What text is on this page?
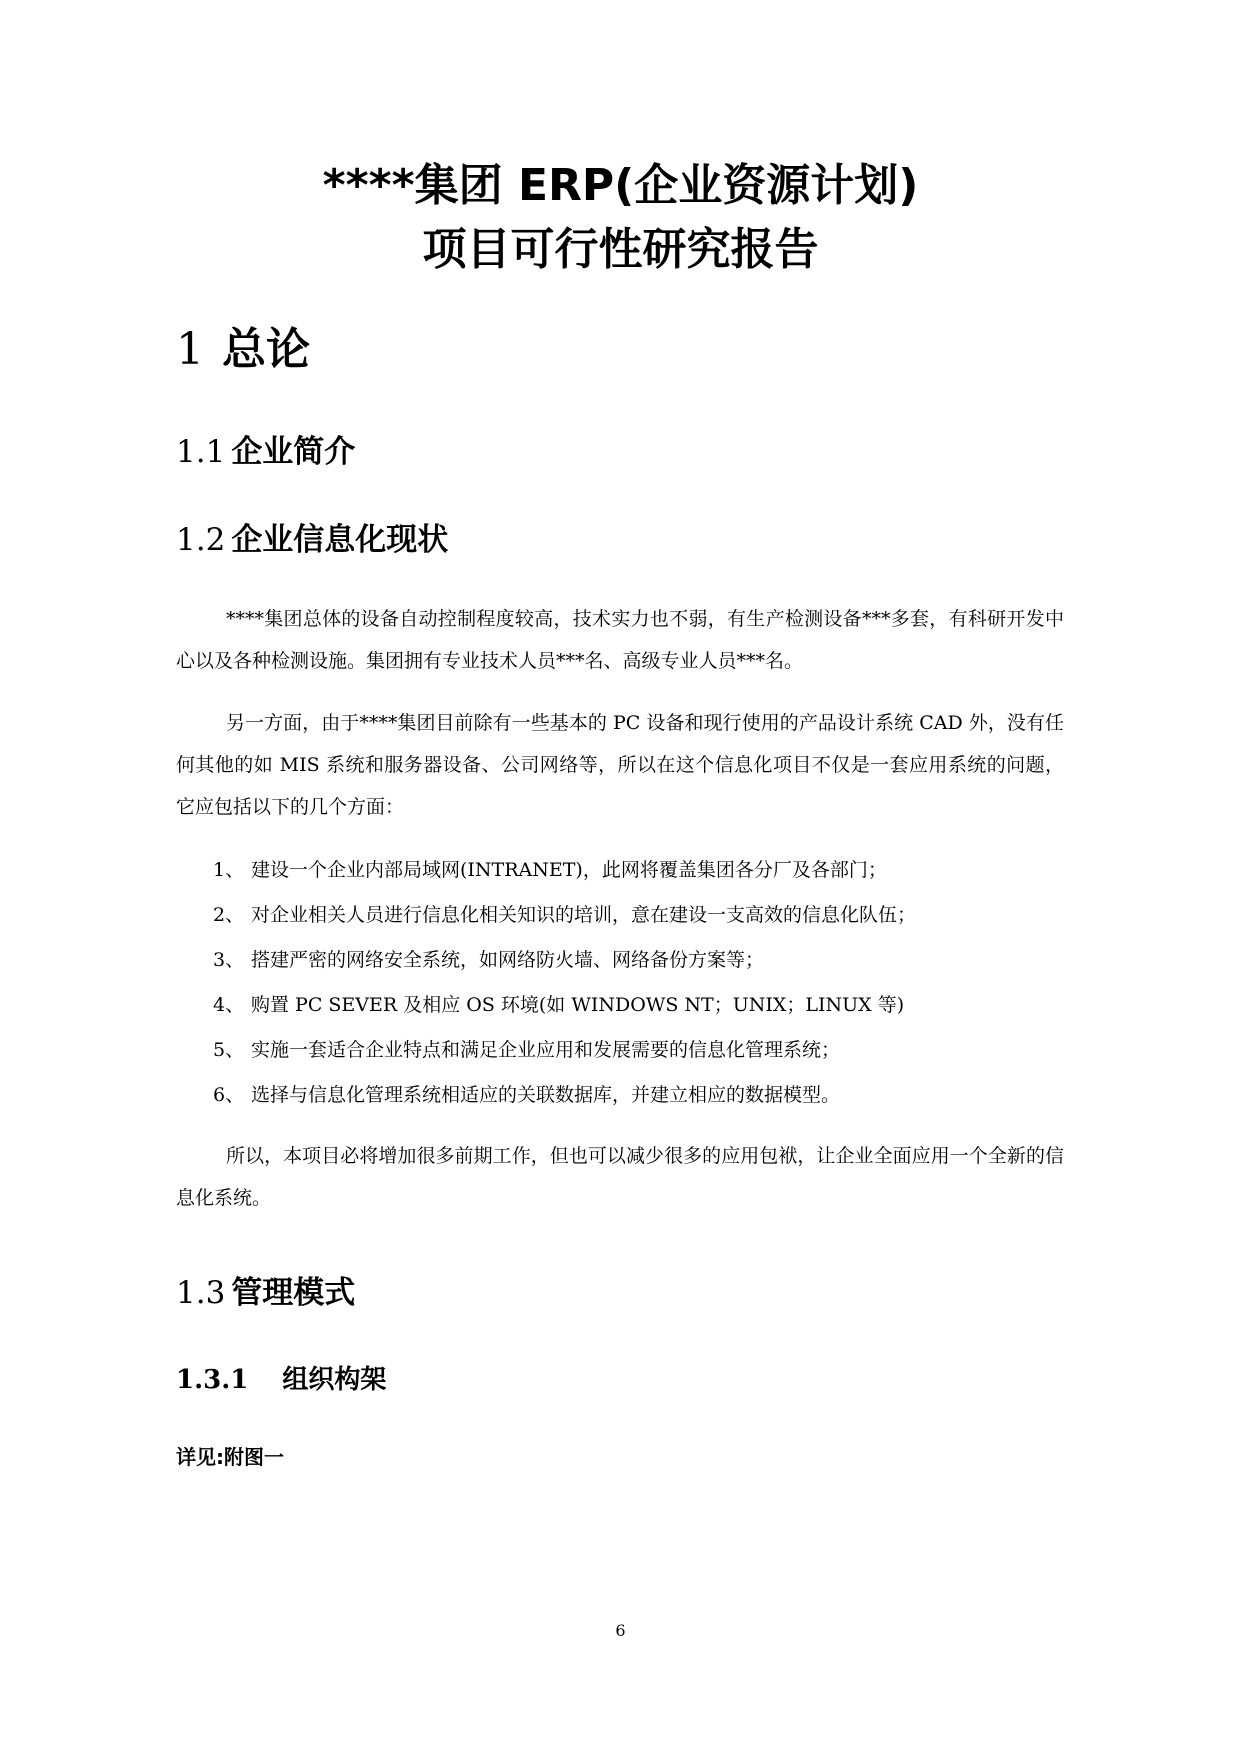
****集团 ERP(企业资源计划)
项目可行性研究报告
1 总论
1.1 企业简介
1.2 企业信息化现状

****集团总体的设备自动控制程度较高，技术实力也不弱，有生产检测设备***多套，有科研开发中心以及各种检测设施。集团拥有专业技术人员***名、高级专业人员***名。

另一方面，由于****集团目前除有一些基本的 PC 设备和现行使用的产品设计系统 CAD 外，没有任何其他的如 MIS 系统和服务器设备、公司网络等，所以在这个信息化项目不仅是一套应用系统的问题，它应包括以下的几个方面：

1、 建设一个企业内部局域网(INTRANET)，此网将覆盖集团各分厂及各部门；
2、 对企业相关人员进行信息化相关知识的培训，意在建设一支高效的信息化队伍；
3、 搭建严密的网络安全系统，如网络防火墙、网络备份方案等；
4、 购置 PC SEVER 及相应 OS 环境(如 WINDOWS NT；UNIX；LINUX 等)
5、 实施一套适合企业特点和满足企业应用和发展需要的信息化管理系统；
6、 选择与信息化管理系统相适应的关联数据库，并建立相应的数据模型。

所以，本项目必将增加很多前期工作，但也可以减少很多的应用包袱，让企业全面应用一个全新的信息化系统。

1.3 管理模式
1.3.1 组织构架
详见:附图一
6
